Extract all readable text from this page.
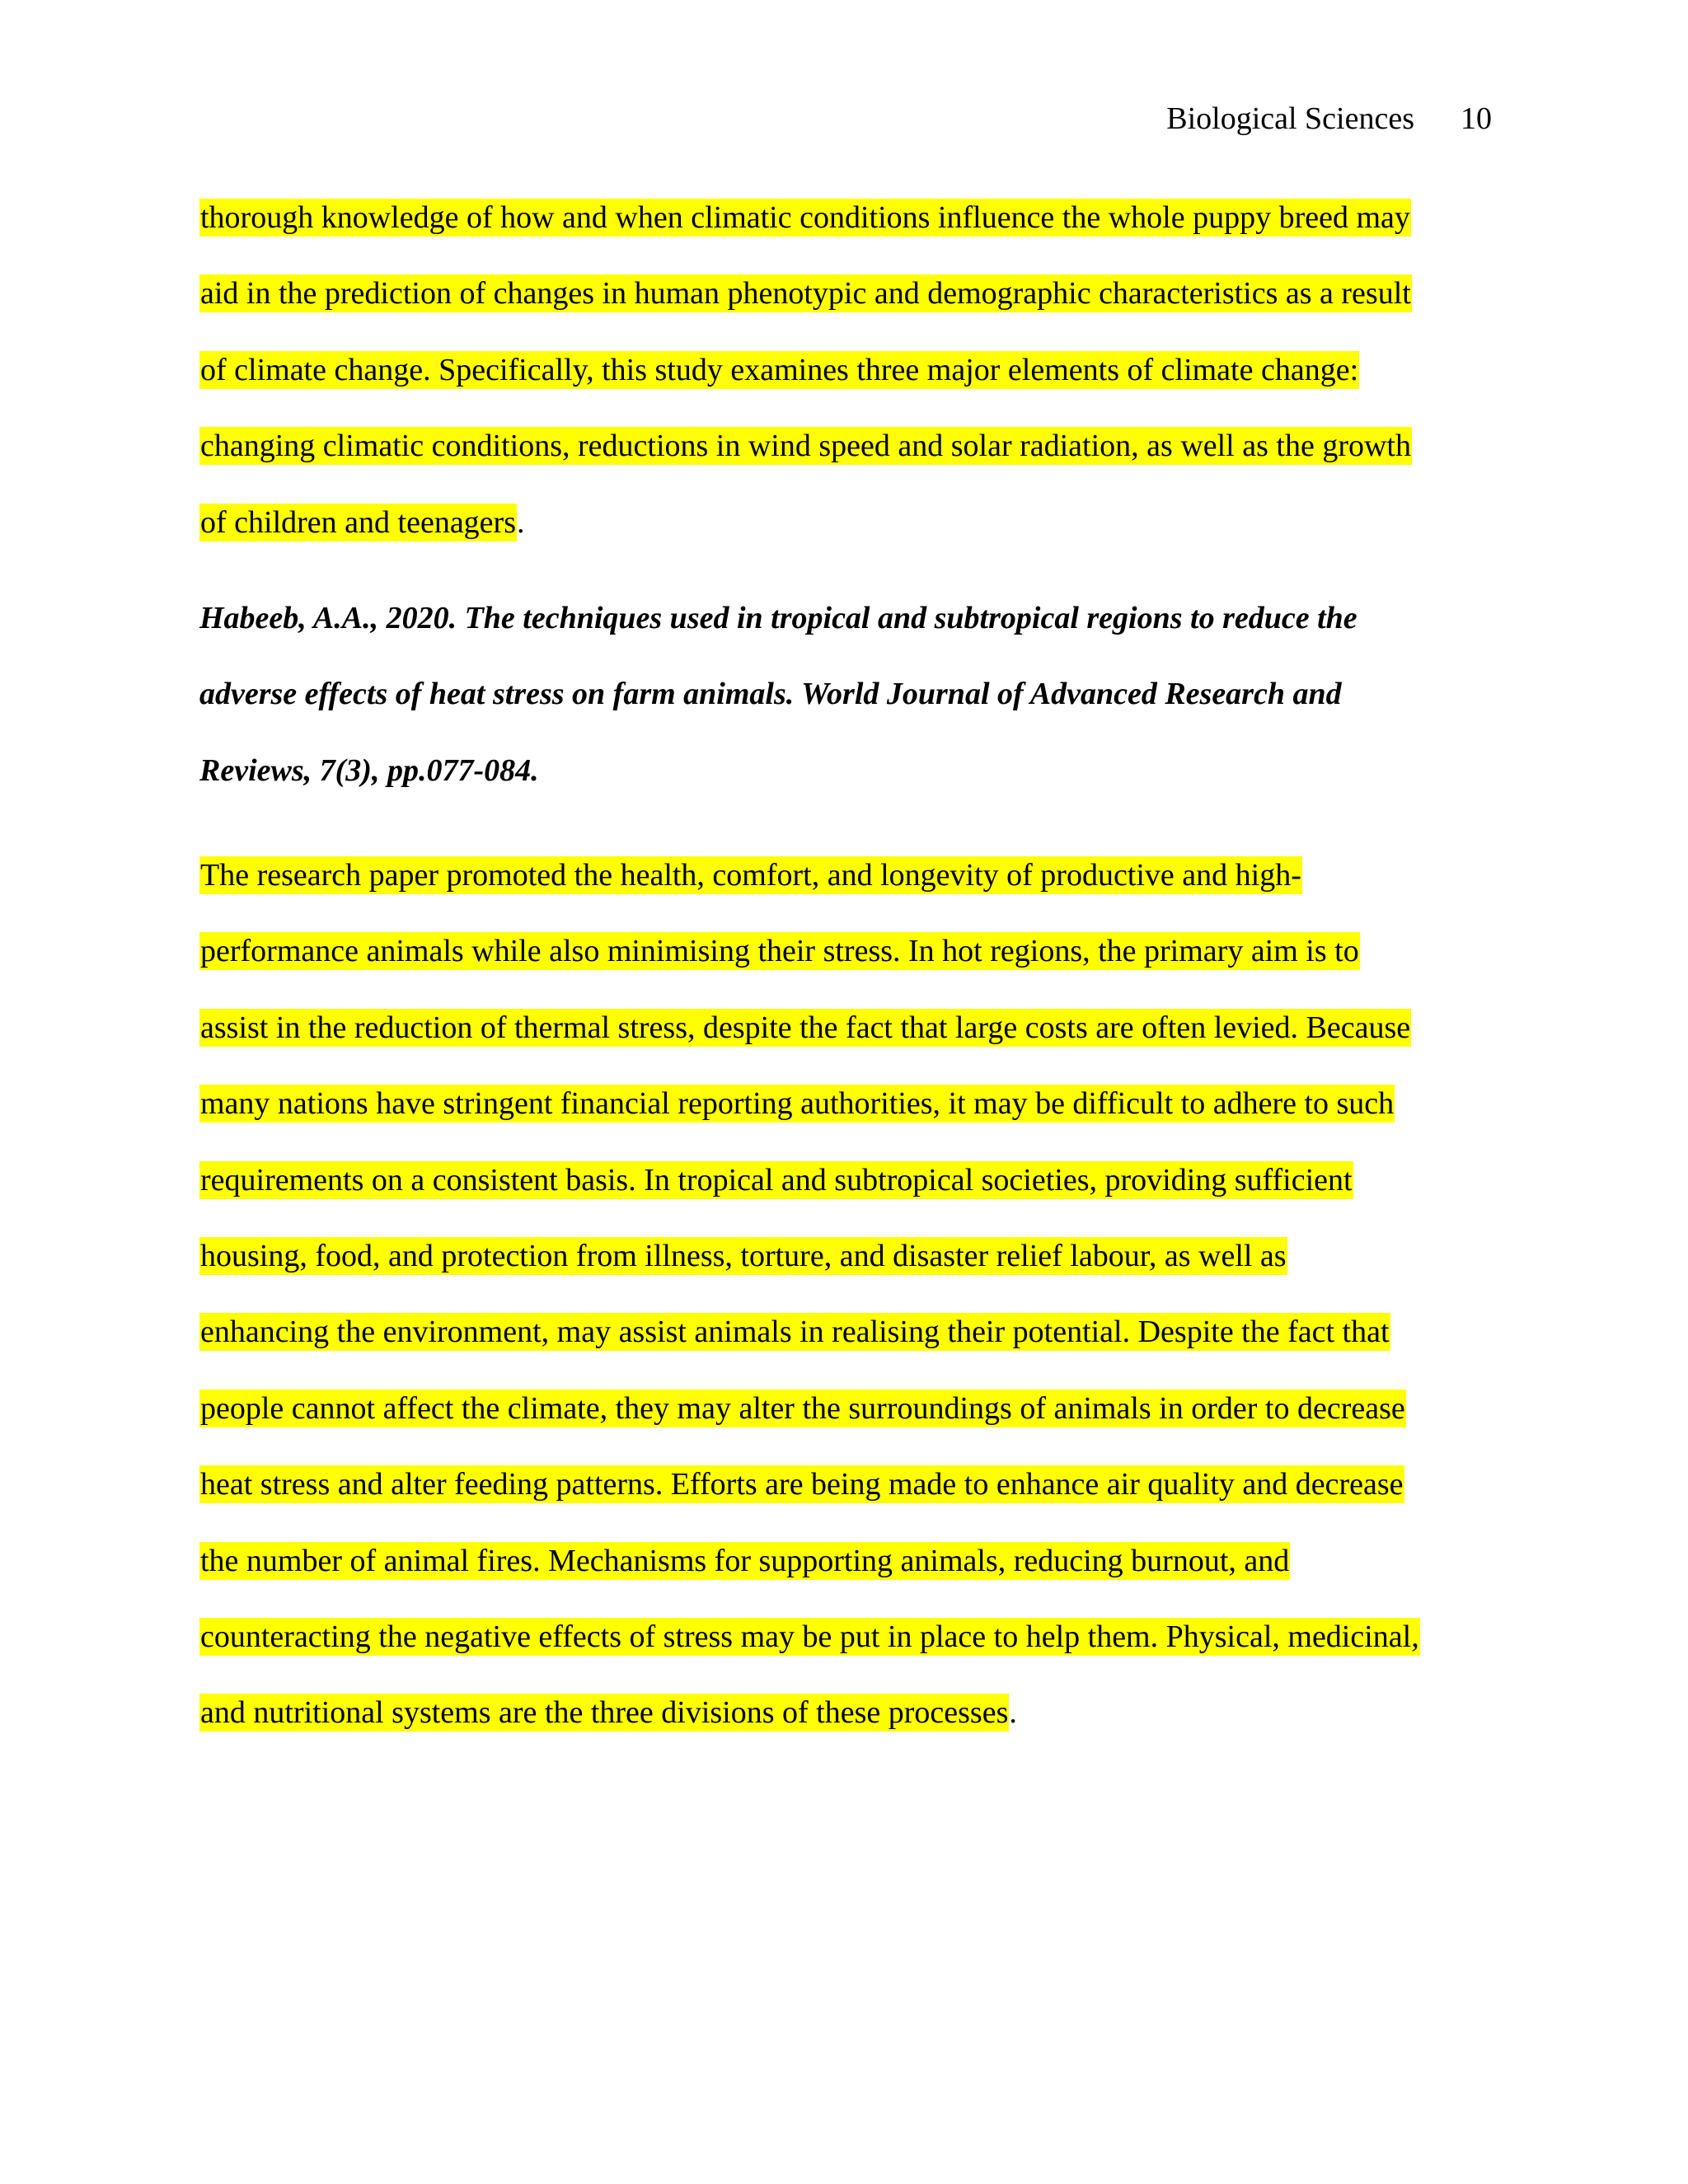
Biological Sciences 10
thorough knowledge of how and when climatic conditions influence the whole puppy breed may
aid in the prediction of changes in human phenotypic and demographic characteristics as a result
of climate change. Specifically, this study examines three major elements of climate change:
changing climatic conditions, reductions in wind speed and solar radiation, as well as the growth
of children and teenagers.
Habeeb, A.A., 2020. The techniques used in tropical and subtropical regions to reduce the
adverse effects of heat stress on farm animals. World Journal of Advanced Research and
Reviews, 7(3), pp.077-084.
The research paper promoted the health, comfort, and longevity of productive and high-
performance animals while also minimising their stress. In hot regions, the primary aim is to
assist in the reduction of thermal stress, despite the fact that large costs are often levied. Because
many nations have stringent financial reporting authorities, it may be difficult to adhere to such
requirements on a consistent basis. In tropical and subtropical societies, providing sufficient
housing, food, and protection from illness, torture, and disaster relief labour, as well as
enhancing the environment, may assist animals in realising their potential. Despite the fact that
people cannot affect the climate, they may alter the surroundings of animals in order to decrease
heat stress and alter feeding patterns. Efforts are being made to enhance air quality and decrease
the number of animal fires. Mechanisms for supporting animals, reducing burnout, and
counteracting the negative effects of stress may be put in place to help them. Physical, medicinal,
and nutritional systems are the three divisions of these processes.
